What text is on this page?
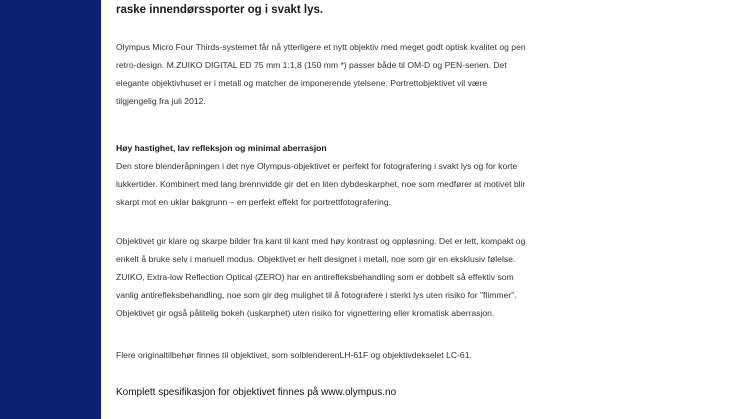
raske innendørssporter og i svakt lys.
Olympus Micro Four Thirds-systemet får nå ytterligere et nytt objektiv med meget godt optisk kvalitet og pen
retro-design. M.ZUIKO DIGITAL ED 75 mm 1:1,8 (150 mm *) passer både til OM-D og PEN-serien. Det
elegante objektivhuset er i metall og matcher de imponerende ytelsene. Portrettobjektivet vil være
tilgjengelig fra juli 2012.
Høy hastighet, lav refleksjon og minimal aberrasjon
Den store blenderåpningen i det nye Olympus-objektivet er perfekt for fotografering i svakt lys og for korte
lukkertider. Kombinert med lang brennvidde gir det en liten dybdeskarphet, noe som medfører at motivet blir
skarpt mot en uklar bakgrunn – en perfekt effekt for portrettfotografering.
Objektivet gir klare og skarpe bilder fra kant til kant med høy kontrast og oppløsning. Det er lett, kompakt og
enkelt å bruke selv i manuell modus. Objektivet er helt designet i metall, noe som gir en eksklusiv følelse.
ZUIKO, Extra-low Reflection Optical (ZERO) har en antirefleksbehandling som er dobbelt så effektiv som
vanlig antirefleksbehandling, noe som gir deg mulighet til å fotografere i sterkt lys uten risiko for "flimmer".
Objektivet gir også pålitelig bokeh (uskarphet) uten risiko for vignettering eller kromatisk aberrasjon.
Flere originaltilbehør finnes til objektivet, som solblenderenLH-61F og objektivdekselet LC-61.
Komplett spesifikasjon for objektivet finnes på www.olympus.no
